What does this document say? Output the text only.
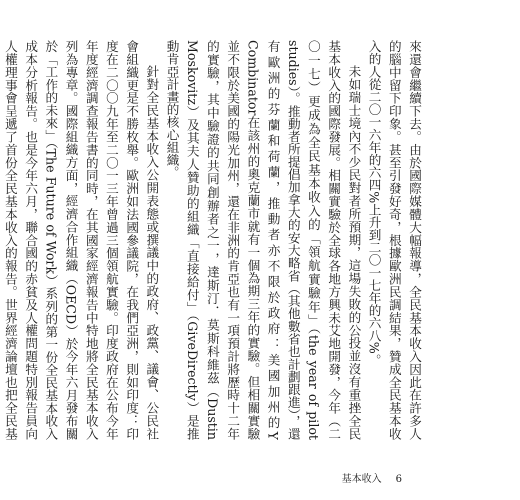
來還會繼續下去。由於國際媒體大幅報導，全民基本收入因此在許多人的腦中留下印象。甚至引發好奇，根據歐洲民調結果，贊成全民基本收入的人從二〇一六年的六四%上升到二〇一七年的六八%。

未如瑞士境內不少民對者所預期，這場失敗的公投並沒有重挫全民基本收入的國際發展。相關實驗於全球各地方興未艾地開發，今年（二〇一七）更成為全民基本收入的「領航實驗年」（the year of pilot studies）。推動者所提倡加拿大的安大略省（其他數省也計劃跟進），還有歐洲的芬蘭和荷蘭，推動者亦不限於政府：美國加州的Y Combinator在該州的奧克蘭市就有一個為期三年的實驗。但相關實驗並不限於美國的陽光加州，還在非洲的肯亞也有一項預計將歷時十二年的實驗，其中驗證的共同創辦者之一，達斯汀．莫斯科維茲（Dustin Moskovitz）及其夫人贊助的組織「直接給付」（GiveDirectly）是推動肯亞計畫的核心組織。

針對全民基本收入公開表態或撰議中的政府、政黨、議會、公民社會組織更是不勝枚舉。歐洲如法國參議院，在我們亞洲，則如印度：印度在二〇〇九年至二〇一三年曾過三個領航實驗。印度政府在公布今年年度經濟調查報告書的同時，在其國家經濟報告中特地將全民基本收入列為專章。國際組織方面，經濟合作組織（OECD）於今年六月發布關於「工作的未來」（The Future of Work）系列的第一份全民基本收入成本分析報告。也是今年六月，聯合國的赤貧及人權問題特別報告員向人權理事會呈遞了首份全民基本收入的報告。世界經濟論壇也把全民基

基本收入 6
